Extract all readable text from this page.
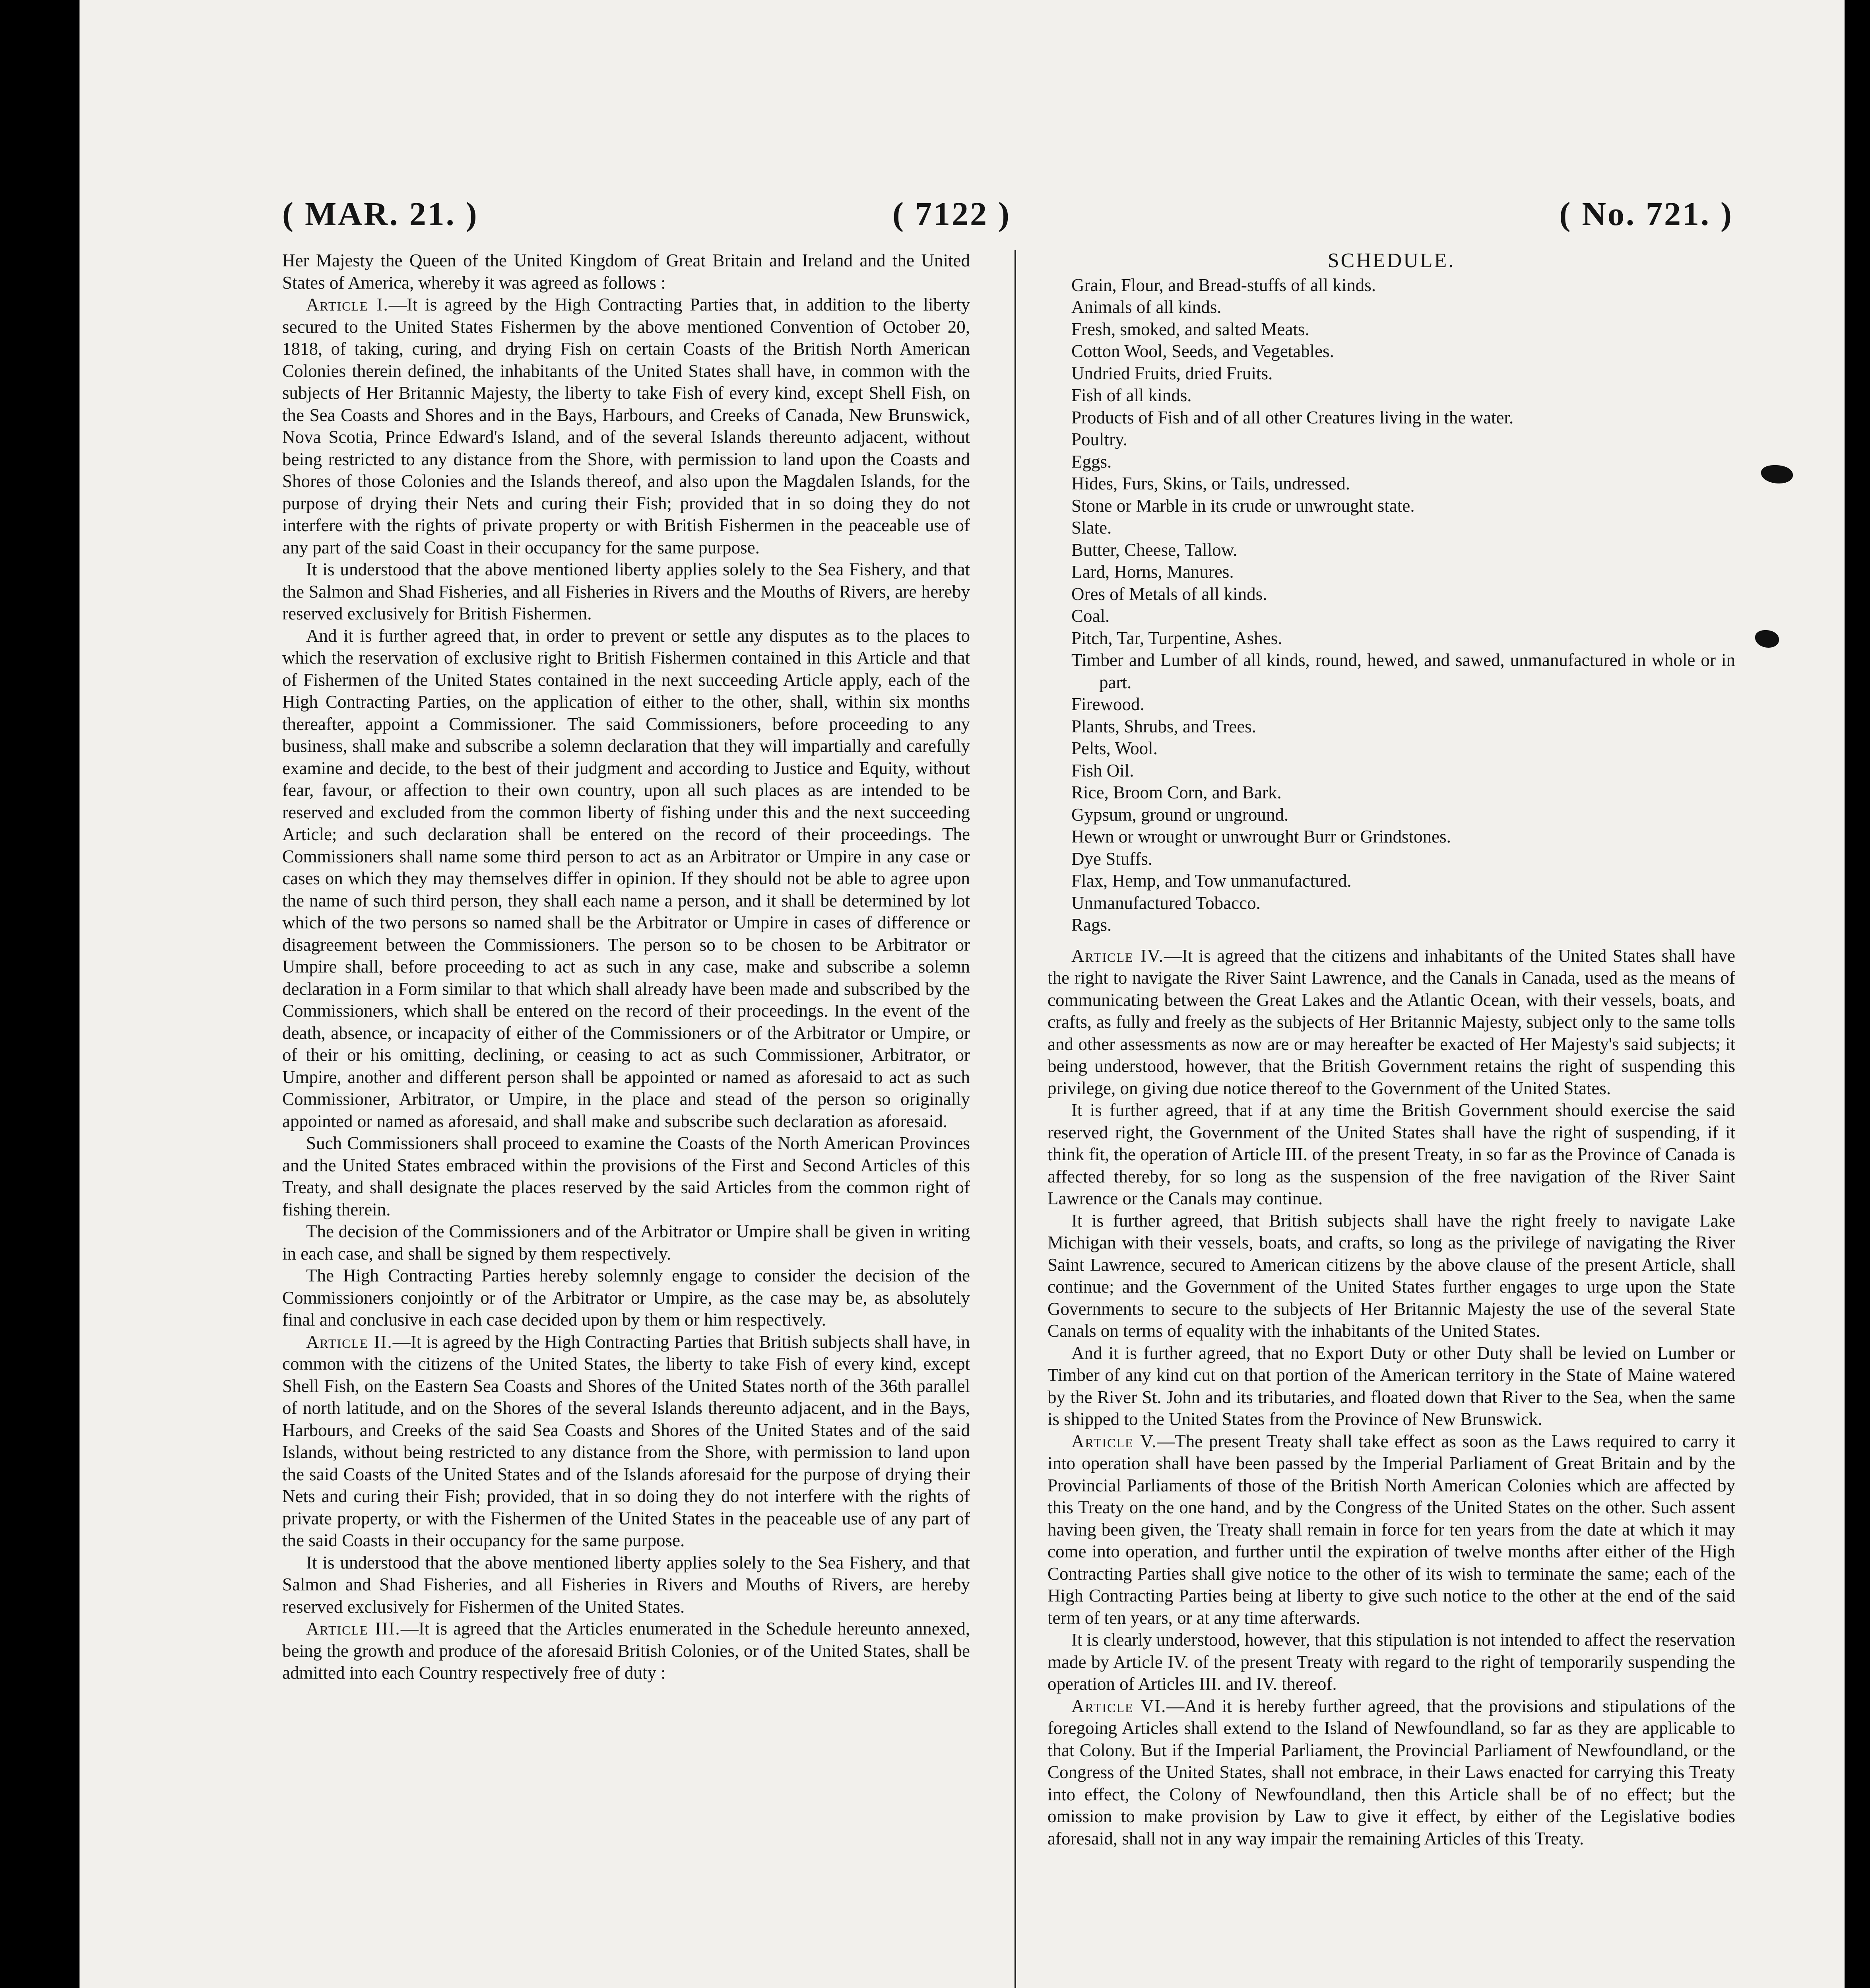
( MAR. 21. )	( 7122 )	( No. 721. )

Her Majesty the Queen of the United Kingdom of Great Britain and Ireland and the United States of America, whereby it was agreed as follows :

Article I.—It is agreed by the High Contracting Parties that, in addition to the liberty secured to the United States Fishermen by the above mentioned Convention of October 20, 1818, of taking, curing, and drying Fish on certain Coasts of the British North American Colonies therein defined, the inhabitants of the United States shall have, in common with the subjects of Her Britannic Majesty, the liberty to take Fish of every kind, except Shell Fish, on the Sea Coasts and Shores and in the Bays, Harbours, and Creeks of Canada, New Brunswick, Nova Scotia, Prince Edward's Island, and of the several Islands thereunto adjacent, without being restricted to any distance from the Shore, with permission to land upon the Coasts and Shores of those Colonies and the Islands thereof, and also upon the Magdalen Islands, for the purpose of drying their Nets and curing their Fish; provided that in so doing they do not interfere with the rights of private property or with British Fishermen in the peaceable use of any part of the said Coast in their occupancy for the same purpose.

It is understood that the above mentioned liberty applies solely to the Sea Fishery, and that the Salmon and Shad Fisheries, and all Fisheries in Rivers and the Mouths of Rivers, are hereby reserved exclusively for British Fishermen.

And it is further agreed that, in order to prevent or settle any disputes as to the places to which the reservation of exclusive right to British Fishermen contained in this Article and that of Fishermen of the United States contained in the next succeeding Article apply, each of the High Contracting Parties, on the application of either to the other, shall, within six months thereafter, appoint a Commissioner. The said Commissioners, before proceeding to any business, shall make and subscribe a solemn declaration that they will impartially and carefully examine and decide, to the best of their judgment and according to Justice and Equity, without fear, favour, or affection to their own country, upon all such places as are intended to be reserved and excluded from the common liberty of fishing under this and the next succeeding Article; and such declaration shall be entered on the record of their proceedings. The Commissioners shall name some third person to act as an Arbitrator or Umpire in any case or cases on which they may themselves differ in opinion. If they should not be able to agree upon the name of such third person, they shall each name a person, and it shall be determined by lot which of the two persons so named shall be the Arbitrator or Umpire in cases of difference or disagreement between the Commissioners. The person so to be chosen to be Arbitrator or Umpire shall, before proceeding to act as such in any case, make and subscribe a solemn declaration in a Form similar to that which shall already have been made and subscribed by the Commissioners, which shall be entered on the record of their proceedings. In the event of the death, absence, or incapacity of either of the Commissioners or of the Arbitrator or Umpire, or of their or his omitting, declining, or ceasing to act as such Commissioner, Arbitrator, or Umpire, another and different person shall be appointed or named as aforesaid to act as such Commissioner, Arbitrator, or Umpire, in the place and stead of the person so originally appointed or named as aforesaid, and shall make and subscribe such declaration as aforesaid.

Such Commissioners shall proceed to examine the Coasts of the North American Provinces and the United States embraced within the provisions of the First and Second Articles of this Treaty, and shall designate the places reserved by the said Articles from the common right of fishing therein.

The decision of the Commissioners and of the Arbitrator or Umpire shall be given in writing in each case, and shall be signed by them respectively.

The High Contracting Parties hereby solemnly engage to consider the decision of the Commissioners conjointly or of the Arbitrator or Umpire, as the case may be, as absolutely final and conclusive in each case decided upon by them or him respectively.

Article II.—It is agreed by the High Contracting Parties that British subjects shall have, in common with the citizens of the United States, the liberty to take Fish of every kind, except Shell Fish, on the Eastern Sea Coasts and Shores of the United States north of the 36th parallel of north latitude, and on the Shores of the several Islands thereunto adjacent, and in the Bays, Harbours, and Creeks of the said Sea Coasts and Shores of the United States and of the said Islands, without being restricted to any distance from the Shore, with permission to land upon the said Coasts of the United States and of the Islands aforesaid for the purpose of drying their Nets and curing their Fish; provided, that in so doing they do not interfere with the rights of private property, or with the Fishermen of the United States in the peaceable use of any part of the said Coasts in their occupancy for the same purpose.

It is understood that the above mentioned liberty applies solely to the Sea Fishery, and that Salmon and Shad Fisheries, and all Fisheries in Rivers and Mouths of Rivers, are hereby reserved exclusively for Fishermen of the United States.

Article III.—It is agreed that the Articles enumerated in the Schedule hereunto annexed, being the growth and produce of the aforesaid British Colonies, or of the United States, shall be admitted into each Country respectively free of duty :

SCHEDULE.
Grain, Flour, and Bread-stuffs of all kinds.
Animals of all kinds.
Fresh, smoked, and salted Meats.
Cotton Wool, Seeds, and Vegetables.
Undried Fruits, dried Fruits.
Fish of all kinds.
Products of Fish and of all other Creatures living in the water.
Poultry.
Eggs.
Hides, Furs, Skins, or Tails, undressed.
Stone or Marble in its crude or unwrought state.
Slate.
Butter, Cheese, Tallow.
Lard, Horns, Manures.
Ores of Metals of all kinds.
Coal.
Pitch, Tar, Turpentine, Ashes.
Timber and Lumber of all kinds, round, hewed, and sawed, unmanufactured in whole or in part.
Firewood.
Plants, Shrubs, and Trees.
Pelts, Wool.
Fish Oil.
Rice, Broom Corn, and Bark.
Gypsum, ground or unground.
Hewn or wrought or unwrought Burr or Grindstones.
Dye Stuffs.
Flax, Hemp, and Tow unmanufactured.
Unmanufactured Tobacco.
Rags.

Article IV.—It is agreed that the citizens and inhabitants of the United States shall have the right to navigate the River Saint Lawrence, and the Canals in Canada, used as the means of communicating between the Great Lakes and the Atlantic Ocean, with their vessels, boats, and crafts, as fully and freely as the subjects of Her Britannic Majesty, subject only to the same tolls and other assessments as now are or may hereafter be exacted of Her Majesty's said subjects; it being understood, however, that the British Government retains the right of suspending this privilege, on giving due notice thereof to the Government of the United States.

It is further agreed, that if at any time the British Government should exercise the said reserved right, the Government of the United States shall have the right of suspending, if it think fit, the operation of Article III. of the present Treaty, in so far as the Province of Canada is affected thereby, for so long as the suspension of the free navigation of the River Saint Lawrence or the Canals may continue.

It is further agreed, that British subjects shall have the right freely to navigate Lake Michigan with their vessels, boats, and crafts, so long as the privilege of navigating the River Saint Lawrence, secured to American citizens by the above clause of the present Article, shall continue; and the Government of the United States further engages to urge upon the State Governments to secure to the subjects of Her Britannic Majesty the use of the several State Canals on terms of equality with the inhabitants of the United States.

And it is further agreed, that no Export Duty or other Duty shall be levied on Lumber or Timber of any kind cut on that portion of the American territory in the State of Maine watered by the River St. John and its tributaries, and floated down that River to the Sea, when the same is shipped to the United States from the Province of New Brunswick.

Article V.—The present Treaty shall take effect as soon as the Laws required to carry it into operation shall have been passed by the Imperial Parliament of Great Britain and by the Provincial Parliaments of those of the British North American Colonies which are affected by this Treaty on the one hand, and by the Congress of the United States on the other. Such assent having been given, the Treaty shall remain in force for ten years from the date at which it may come into operation, and further until the expiration of twelve months after either of the High Contracting Parties shall give notice to the other of its wish to terminate the same; each of the High Contracting Parties being at liberty to give such notice to the other at the end of the said term of ten years, or at any time afterwards.

It is clearly understood, however, that this stipulation is not intended to affect the reservation made by Article IV. of the present Treaty with regard to the right of temporarily suspending the operation of Articles III. and IV. thereof.

Article VI.—And it is hereby further agreed, that the provisions and stipulations of the foregoing Articles shall extend to the Island of Newfoundland, so far as they are applicable to that Colony. But if the Imperial Parliament, the Provincial Parliament of Newfoundland, or the Congress of the United States, shall not embrace, in their Laws enacted for carrying this Treaty into effect, the Colony of Newfoundland, then this Article shall be of no effect; but the omission to make provision by Law to give it effect, by either of the Legislative bodies aforesaid, shall not in any way impair the remaining Articles of this Treaty.
